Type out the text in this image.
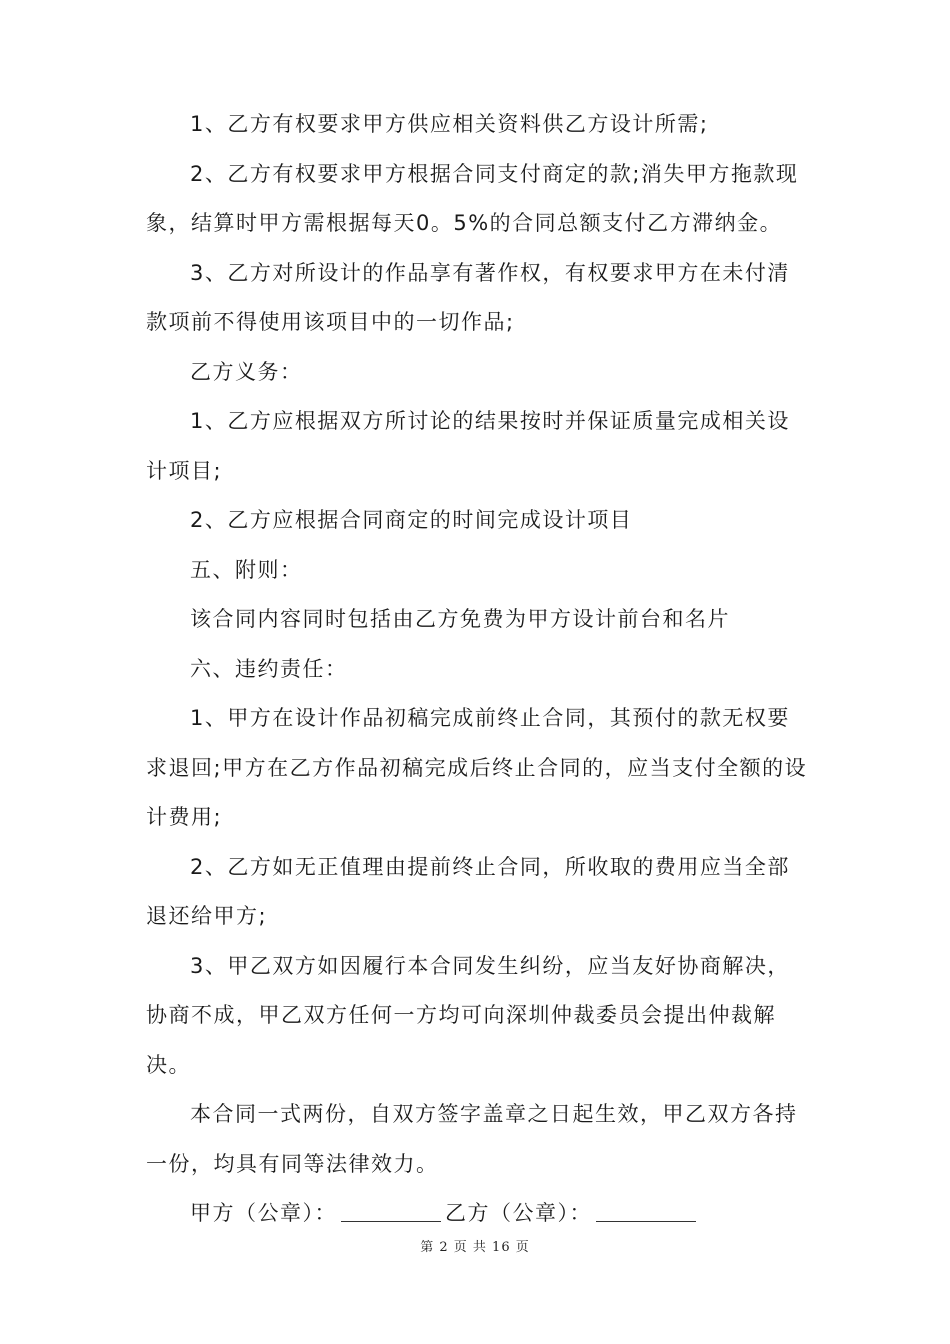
1、乙方有权要求甲方供应相关资料供乙方设计所需;

2、乙方有权要求甲方根据合同支付商定的款;消失甲方拖款现象，结算时甲方需根据每天0。5%的合同总额支付乙方滞纳金。

3、乙方对所设计的作品享有著作权，有权要求甲方在未付清款项前不得使用该项目中的一切作品;

乙方义务：

1、乙方应根据双方所讨论的结果按时并保证质量完成相关设计项目;

2、乙方应根据合同商定的时间完成设计项目

五、附则：

该合同内容同时包括由乙方免费为甲方设计前台和名片

六、违约责任：

1、甲方在设计作品初稿完成前终止合同，其预付的款无权要求退回;甲方在乙方作品初稿完成后终止合同的，应当支付全额的设计费用;

2、乙方如无正值理由提前终止合同，所收取的费用应当全部退还给甲方;

3、甲乙双方如因履行本合同发生纠纷，应当友好协商解决，协商不成，甲乙双方任何一方均可向深圳仲裁委员会提出仲裁解决。

本合同一式两份，自双方签字盖章之日起生效，甲乙双方各持一份，均具有同等法律效力。

甲方（公章）：	乙方（公章）：

第 2 页 共 16 页
